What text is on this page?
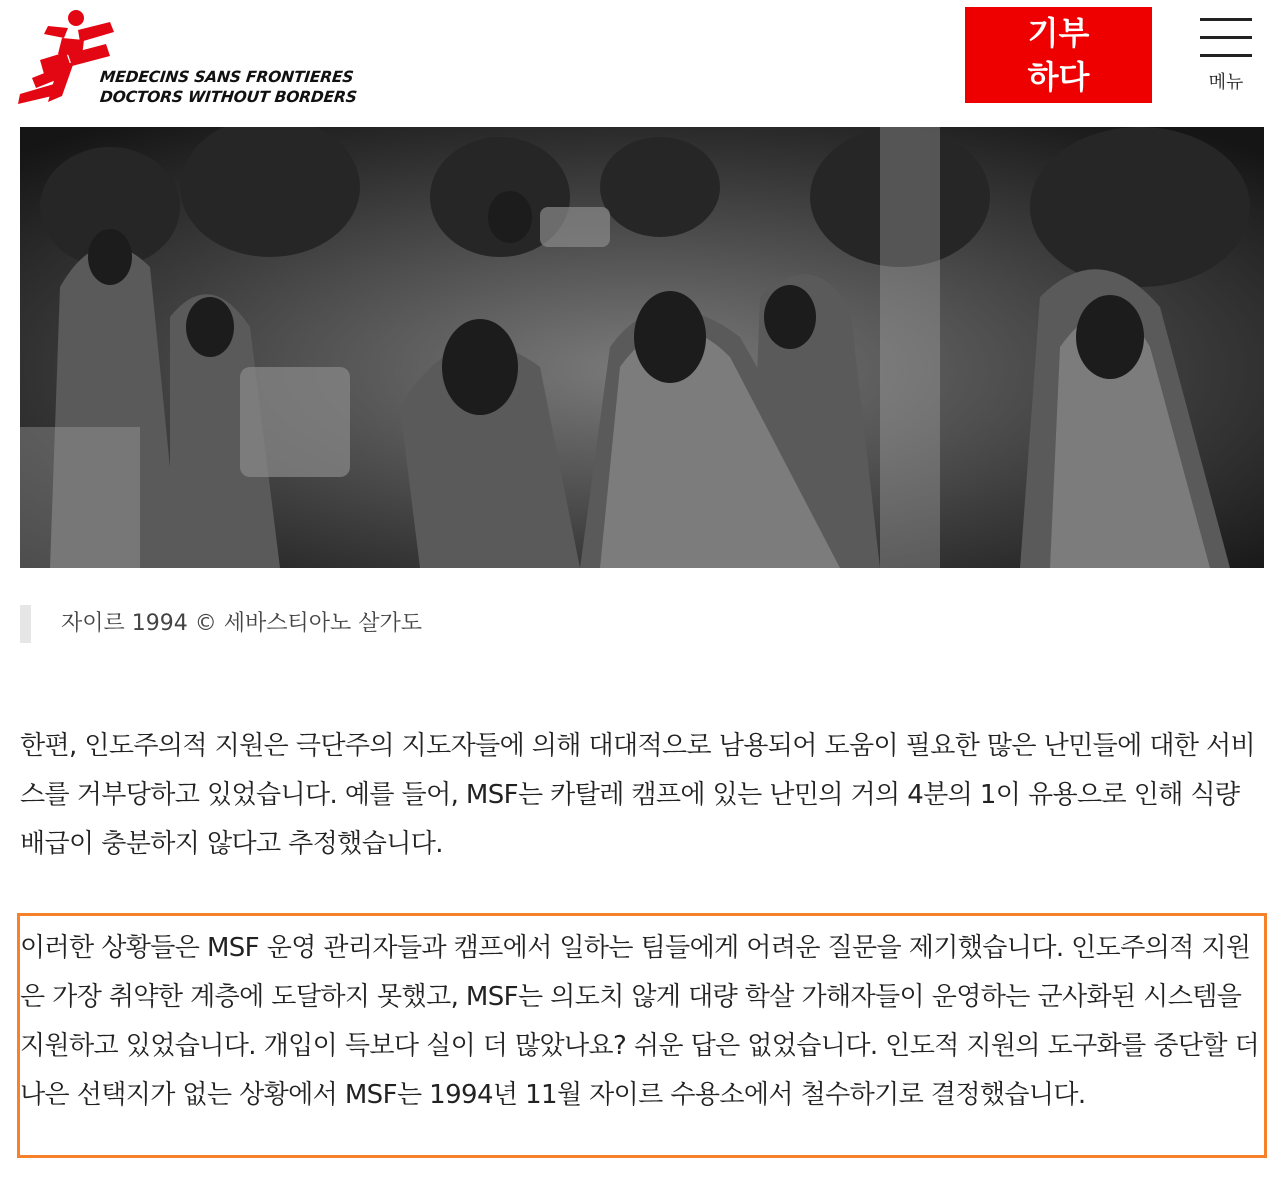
MEDECINS SANS FRONTIERES
DOCTORS WITHOUT BORDERS
기부
하다	메뉴
자이르 1994 © 세바스티아노 살가도

한편, 인도주의적 지원은 극단주의 지도자들에 의해 대대적으로 남용되어 도움이 필요한 많은 난민들에 대한 서비스를 거부당하고 있었습니다. 예를 들어, MSF는 카탈레 캠프에 있는 난민의 거의 4분의 1이 유용으로 인해 식량 배급이 충분하지 않다고 추정했습니다.

이러한 상황들은 MSF 운영 관리자들과 캠프에서 일하는 팀들에게 어려운 질문을 제기했습니다. 인도주의적 지원은 가장 취약한 계층에 도달하지 못했고, MSF는 의도치 않게 대량 학살 가해자들이 운영하는 군사화된 시스템을 지원하고 있었습니다. 개입이 득보다 실이 더 많았나요? 쉬운 답은 없었습니다. 인도적 지원의 도구화를 중단할 더 나은 선택지가 없는 상황에서 MSF는 1994년 11월 자이르 수용소에서 철수하기로 결정했습니다.
